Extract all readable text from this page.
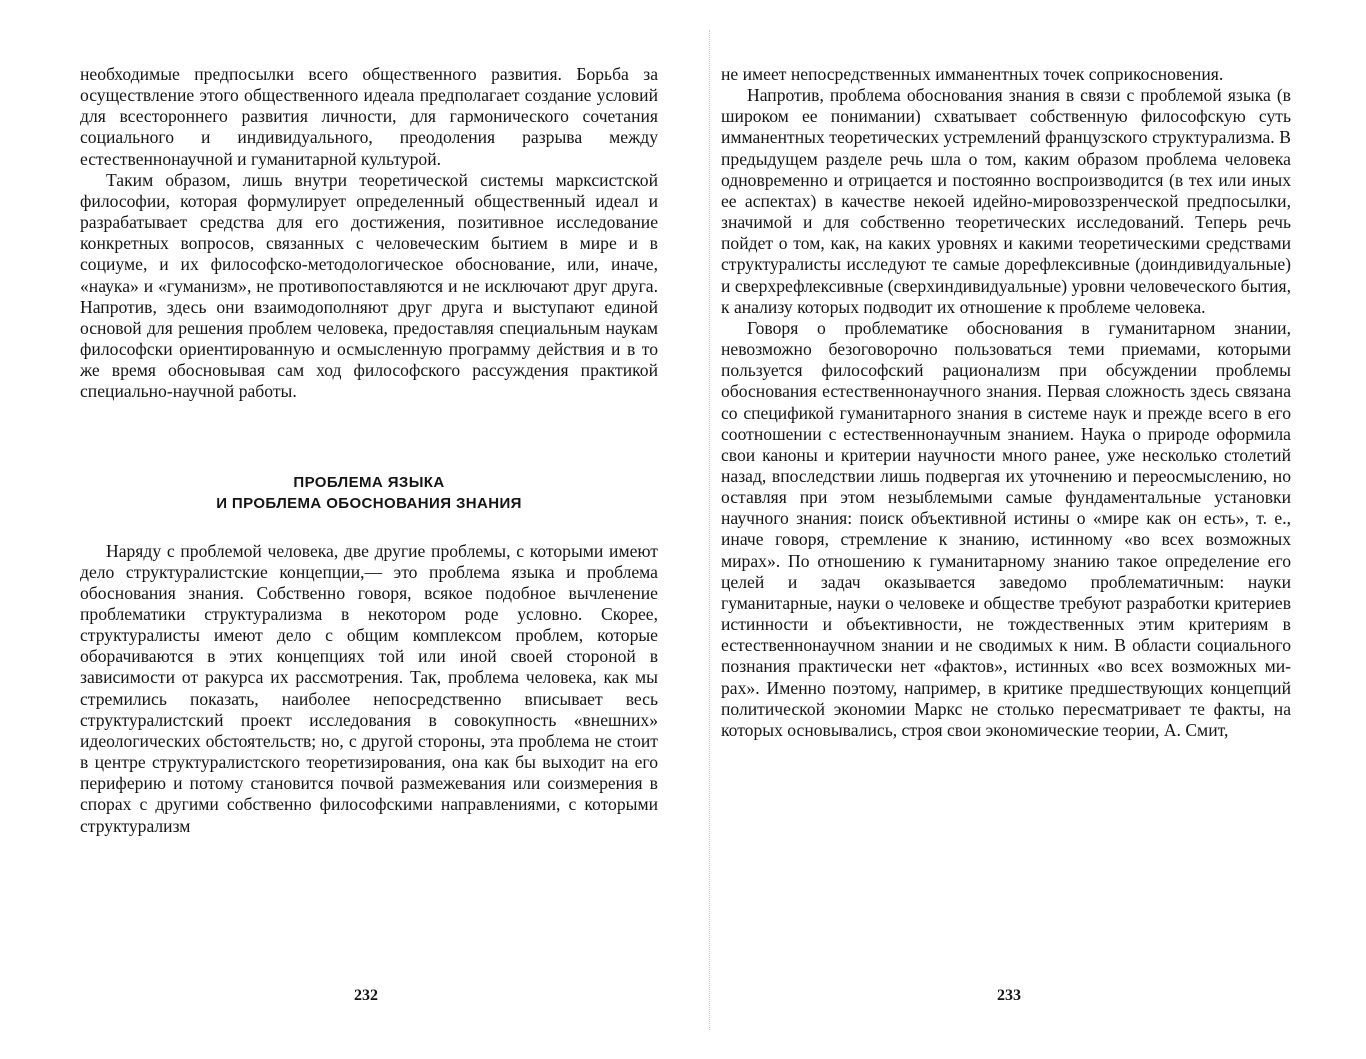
необходимые предпосылки всего общественного развития. Борьба за осуществление этого общественного идеала предполагает создание условий для всестороннего развития личности, для гармонического сочетания социального и индивидуального, преодоления разрыва между естественнонаучной и гуманитарной культурой.

Таким образом, лишь внутри теоретической системы марксистской философии, которая формулирует определенный общественный идеал и разрабатывает средства для его достижения, позитивное исследование конкретных вопросов, связанных с человеческим бытием в мире и в социуме, и их философско-методологическое обоснование, или, иначе, «наука» и «гуманизм», не противопоставляются и не исключают друг друга. Напротив, здесь они взаимодополняют друг друга и выступают единой основой для решения проблем человека, предоставляя специальным наукам философски ориентированную и осмысленную программу действия и в то же время обосновывая сам ход философского рассуждения практикой специально-научной работы.

ПРОБЛЕМА ЯЗЫКА
И ПРОБЛЕМА ОБОСНОВАНИЯ ЗНАНИЯ

Наряду с проблемой человека, две другие проблемы, с которыми имеют дело структуралистские концепции,— это проблема языка и проблема обоснования знания. Собственно говоря, всякое подобное вычленение проблематики структурализма в некотором роде условно. Скорее, структуралисты имеют дело с общим комплексом проблем, которые оборачиваются в этих концепциях той или иной своей стороной в зависимости от ракурса их рассмотрения. Так, проблема человека, как мы стремились показать, наиболее непосредственно вписывает весь структуралистский проект исследования в совокупность «внешних» идеологических обстоятельств; но, с другой стороны, эта проблема не стоит в центре структуралистского теоретизирования, она как бы выходит на его периферию и потому становится почвой размежевания или соизмерения в спорах с другими собственно философскими направлениями, с которыми структурализм

232

не имеет непосредственных имманентных точек соприкосновения.

Напротив, проблема обоснования знания в связи с проблемой языка (в широком ее понимании) схватывает собственную философскую суть имманентных теоретических устремлений французского структурализма. В предыдущем разделе речь шла о том, каким образом проблема человека одновременно и отрицается и постоянно воспроизводится (в тех или иных ее аспектах) в качестве некоей идейно-мировоззренческой предпосылки, значимой и для собственно теоретических исследований. Теперь речь пойдет о том, как, на каких уровнях и какими теоретическими средствами структуралисты исследуют те самые дорефлексивные (доиндивидуальные) и сверхрефлексивные (сверхиндивидуальные) уровни человеческого бытия, к анализу которых подводит их отношение к проблеме человека.

Говоря о проблематике обоснования в гуманитарном знании, невозможно безоговорочно пользоваться теми приемами, которыми пользуется философский рационализм при обсуждении проблемы обоснования естественнонаучного знания. Первая сложность здесь связана со спецификой гуманитарного знания в системе наук и прежде всего в его соотношении с естественнонаучным знанием. Наука о природе оформила свои каноны и критерии научности много ранее, уже несколько столетий назад, впоследствии лишь подвергая их уточнению и переосмыслению, но оставляя при этом незыблемыми самые фундаментальные установки научного знания: поиск объективной истины о «мире как он есть», т. е., иначе говоря, стремление к знанию, истинному «во всех возможных мирах». По отношению к гуманитарному знанию такое определение его целей и задач оказывается заведомо проблематичным: науки гуманитарные, науки о человеке и обществе требуют разработки критериев истинности и объективности, не тождественных этим критериям в естественнонаучном знании и не сводимых к ним. В области социального познания практически нет «фактов», истинных «во всех возможных мирах». Именно поэтому, например, в критике предшествующих концепций политической экономии Маркс не столько пересматривает те факты, на которых основывались, строя свои экономические теории, А. Смит,

233
